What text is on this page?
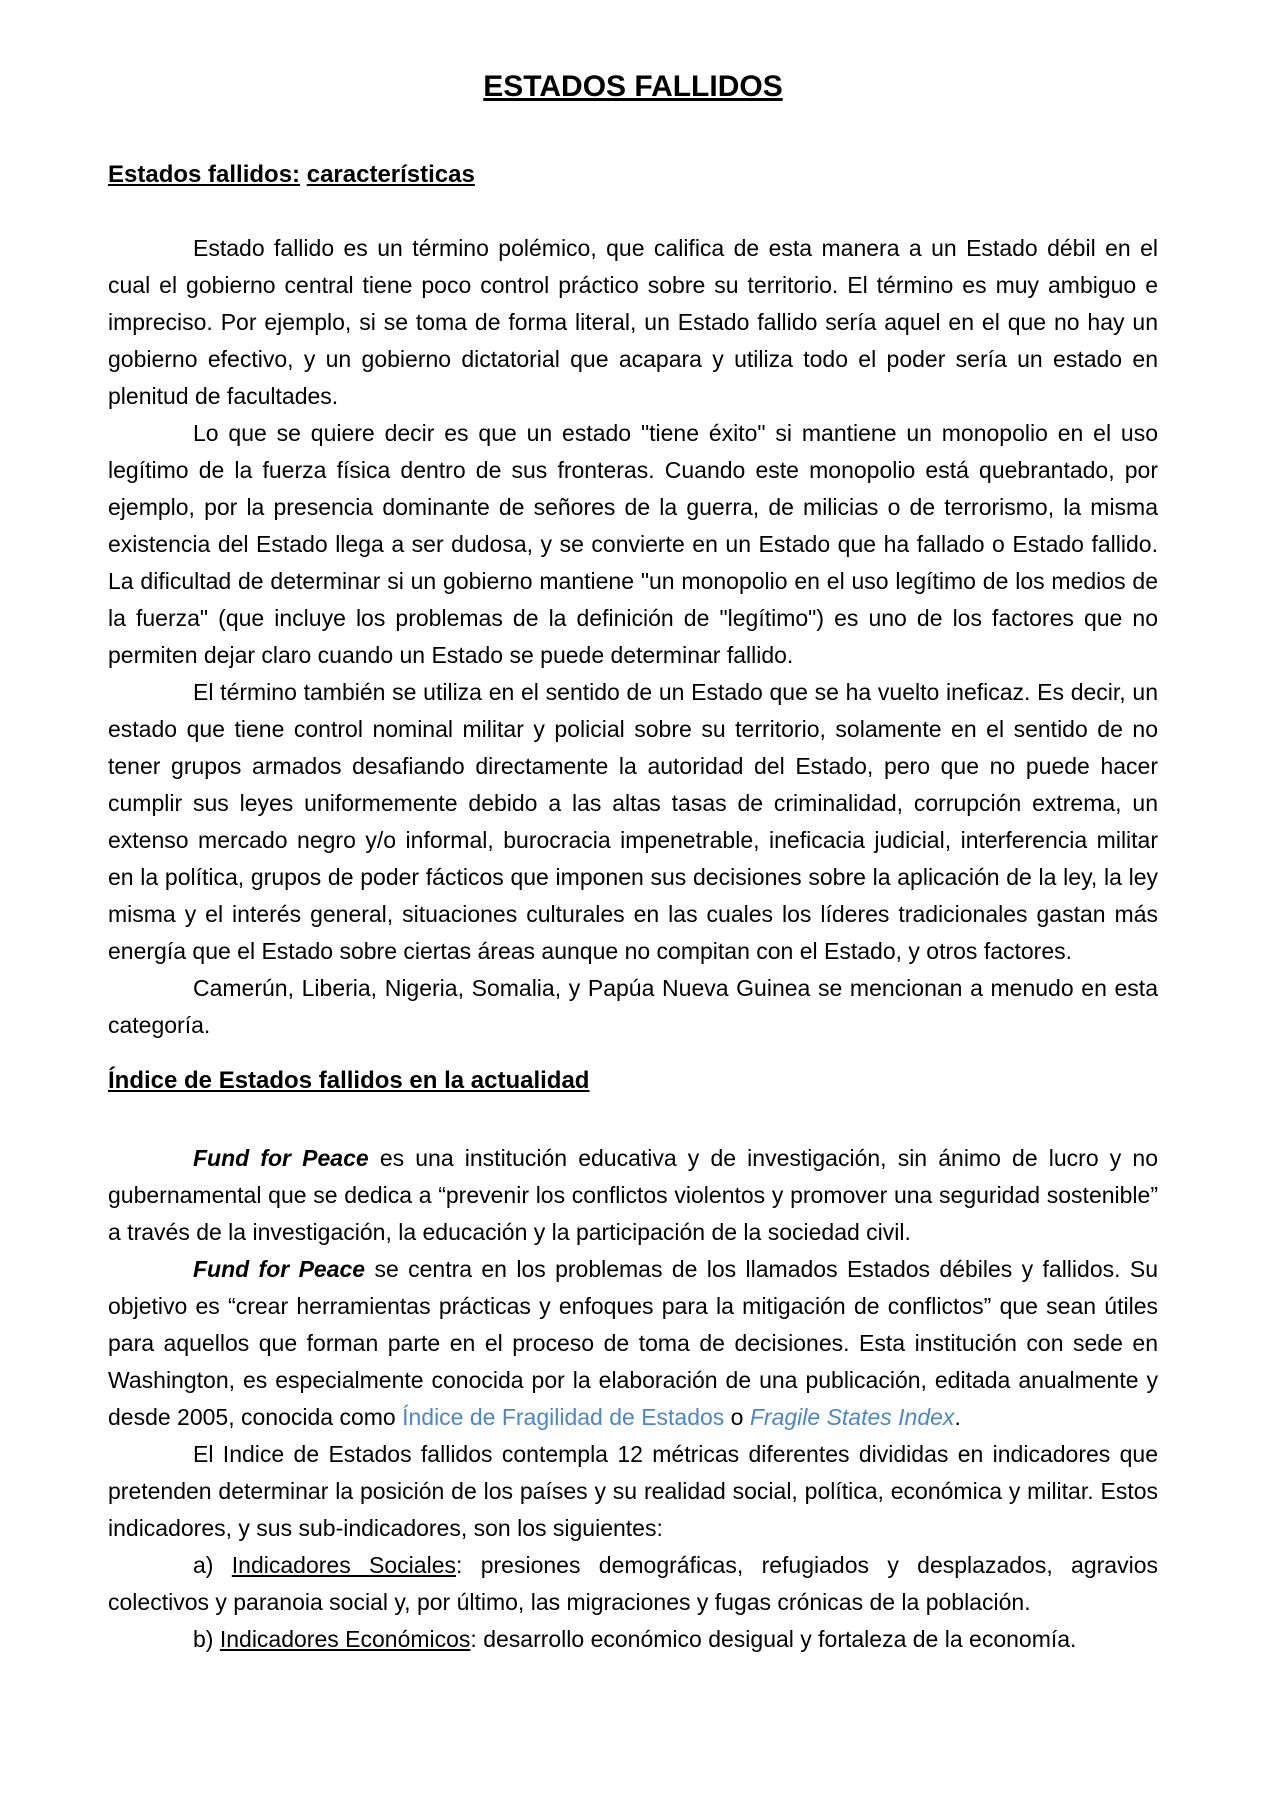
ESTADOS FALLIDOS
Estados fallidos: características

Estado fallido es un término polémico, que califica de esta manera a un Estado débil en el cual el gobierno central tiene poco control práctico sobre su territorio. El término es muy ambiguo e impreciso. Por ejemplo, si se toma de forma literal, un Estado fallido sería aquel en el que no hay un gobierno efectivo, y un gobierno dictatorial que acapara y utiliza todo el poder sería un estado en plenitud de facultades.

Lo que se quiere decir es que un estado "tiene éxito" si mantiene un monopolio en el uso legítimo de la fuerza física dentro de sus fronteras. Cuando este monopolio está quebrantado, por ejemplo, por la presencia dominante de señores de la guerra, de milicias o de terrorismo, la misma existencia del Estado llega a ser dudosa, y se convierte en un Estado que ha fallado o Estado fallido. La dificultad de determinar si un gobierno mantiene "un monopolio en el uso legítimo de los medios de la fuerza" (que incluye los problemas de la definición de "legítimo") es uno de los factores que no permiten dejar claro cuando un Estado se puede determinar fallido.

El término también se utiliza en el sentido de un Estado que se ha vuelto ineficaz. Es decir, un estado que tiene control nominal militar y policial sobre su territorio, solamente en el sentido de no tener grupos armados desafiando directamente la autoridad del Estado, pero que no puede hacer cumplir sus leyes uniformemente debido a las altas tasas de criminalidad, corrupción extrema, un extenso mercado negro y/o informal, burocracia impenetrable, ineficacia judicial, interferencia militar en la política, grupos de poder fácticos que imponen sus decisiones sobre la aplicación de la ley, la ley misma y el interés general, situaciones culturales en las cuales los líderes tradicionales gastan más energía que el Estado sobre ciertas áreas aunque no compitan con el Estado, y otros factores.

Camerún, Liberia, Nigeria, Somalia, y Papúa Nueva Guinea se mencionan a menudo en esta categoría.

Índice de Estados fallidos en la actualidad

Fund for Peace es una institución educativa y de investigación, sin ánimo de lucro y no gubernamental que se dedica a “prevenir los conflictos violentos y promover una seguridad sostenible” a través de la investigación, la educación y la participación de la sociedad civil.

Fund for Peace se centra en los problemas de los llamados Estados débiles y fallidos. Su objetivo es “crear herramientas prácticas y enfoques para la mitigación de conflictos” que sean útiles para aquellos que forman parte en el proceso de toma de decisiones. Esta institución con sede en Washington, es especialmente conocida por la elaboración de una publicación, editada anualmente y desde 2005, conocida como Índice de Fragilidad de Estados o Fragile States Index.

El Indice de Estados fallidos contempla 12 métricas diferentes divididas en indicadores que pretenden determinar la posición de los países y su realidad social, política, económica y militar. Estos indicadores, y sus sub-indicadores, son los siguientes:

a) Indicadores Sociales: presiones demográficas, refugiados y desplazados, agravios colectivos y paranoia social y, por último, las migraciones y fugas crónicas de la población.

b) Indicadores Económicos: desarrollo económico desigual y fortaleza de la economía.
